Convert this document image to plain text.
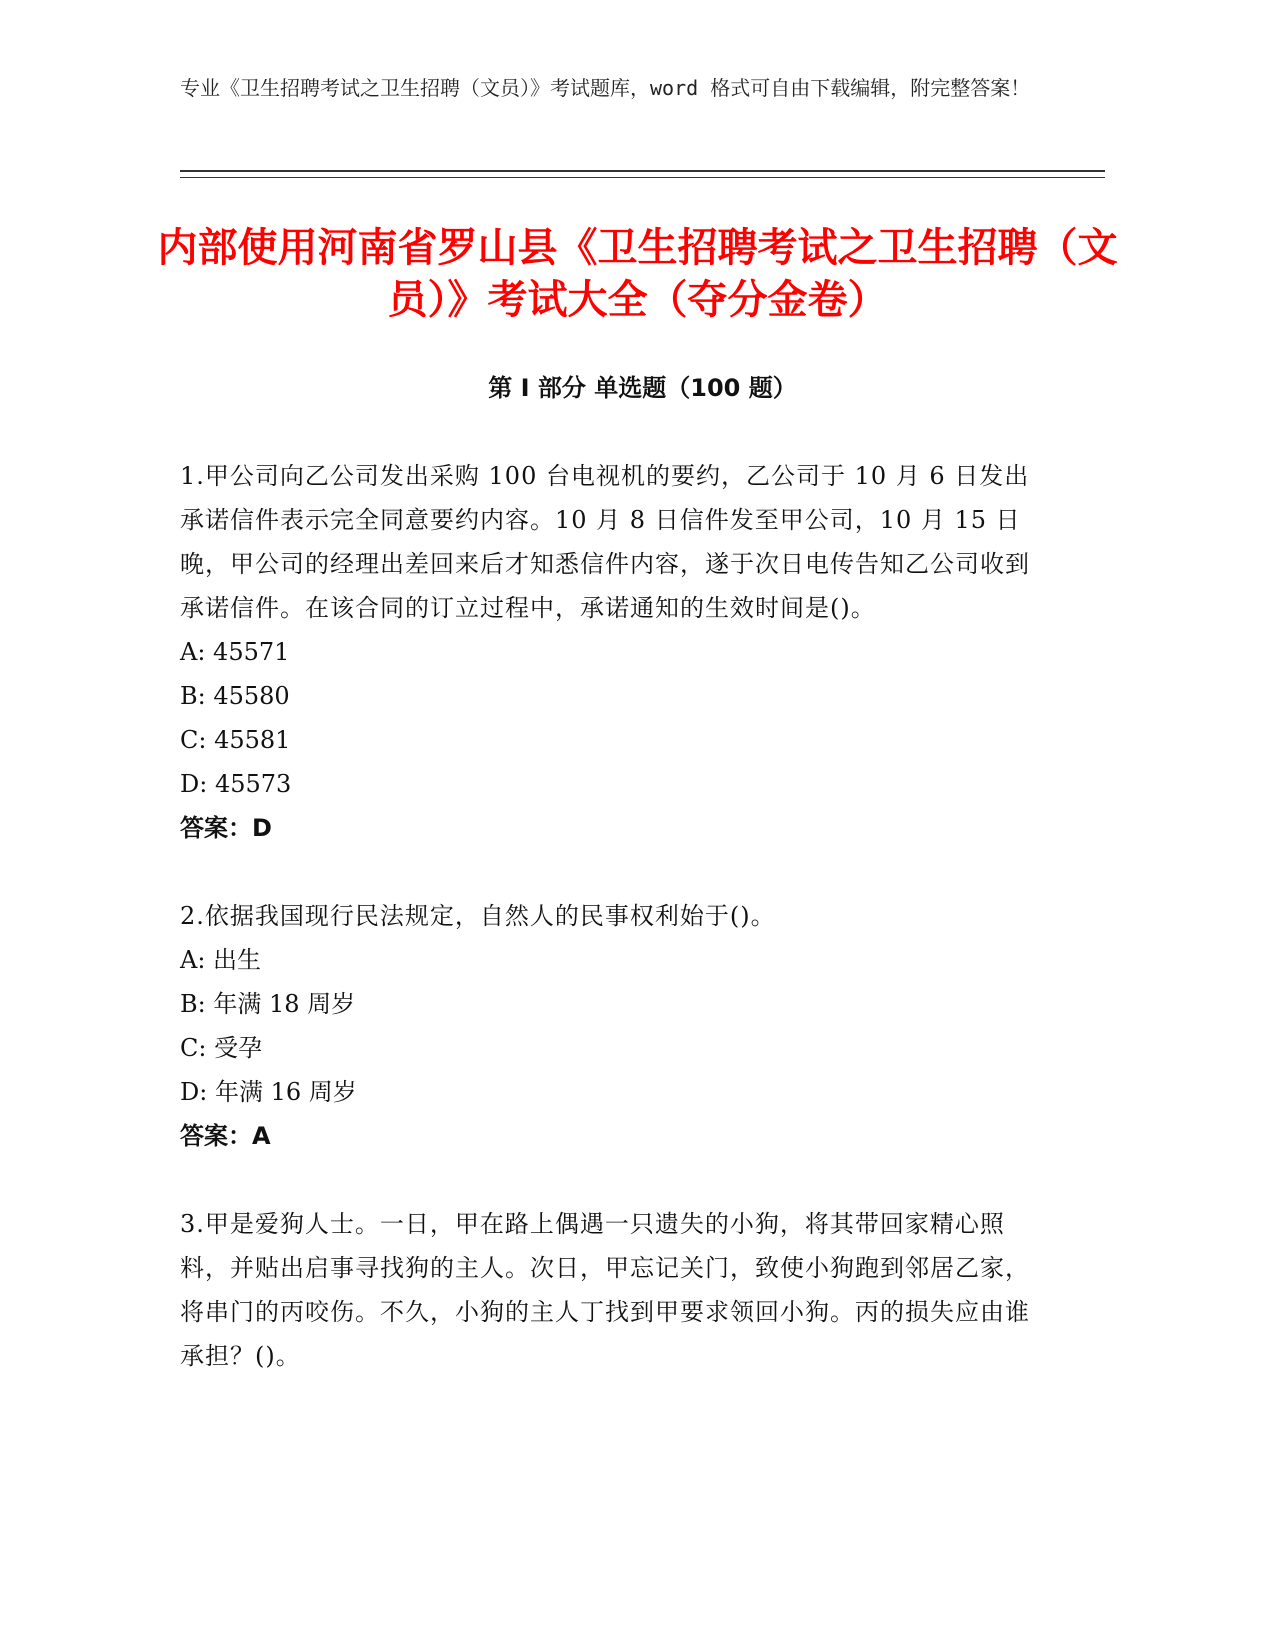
专业《卫生招聘考试之卫生招聘（文员）》考试题库，word 格式可自由下载编辑，附完整答案！
内部使用河南省罗山县《卫生招聘考试之卫生招聘（文员）》考试大全（夺分金卷）
第 I 部分 单选题（100 题）

1.甲公司向乙公司发出采购 100 台电视机的要约，乙公司于 10 月 6 日发出承诺信件表示完全同意要约内容。10 月 8 日信件发至甲公司，10 月 15 日晚，甲公司的经理出差回来后才知悉信件内容，遂于次日电传告知乙公司收到承诺信件。在该合同的订立过程中，承诺通知的生效时间是()。

A: 45571

B: 45580

C: 45581

D: 45573

答案：D

2.依据我国现行民法规定，自然人的民事权利始于()。

A: 出生

B: 年满 18 周岁

C: 受孕

D: 年满 16 周岁

答案：A

3.甲是爱狗人士。一日，甲在路上偶遇一只遗失的小狗，将其带回家精心照料，并贴出启事寻找狗的主人。次日，甲忘记关门，致使小狗跑到邻居乙家，将串门的丙咬伤。不久，小狗的主人丁找到甲要求领回小狗。丙的损失应由谁承担？()。
